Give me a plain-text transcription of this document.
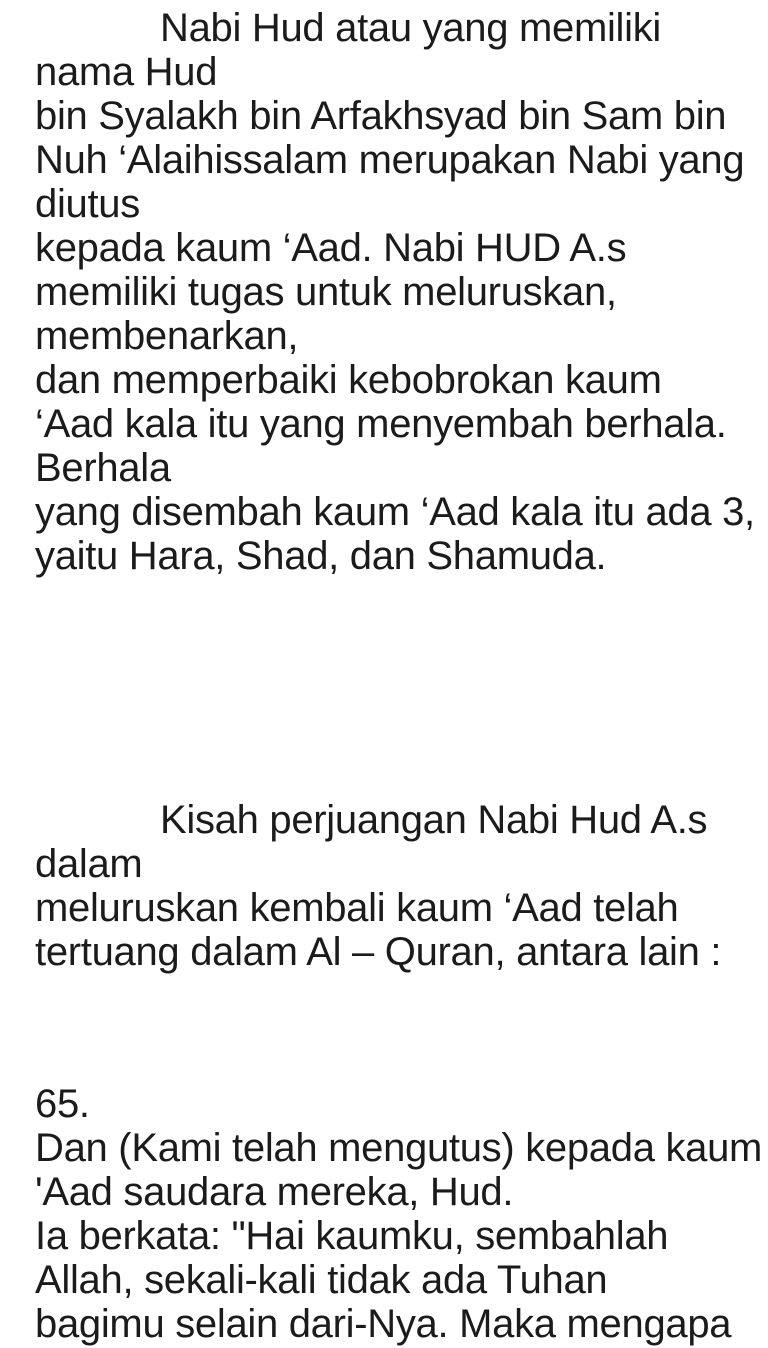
Nabi Hud atau yang memiliki
nama Hud
bin Syalakh bin Arfakhsyad bin Sam bin
Nuh ‘Alaihissalam merupakan Nabi yang
diutus
kepada kaum ‘Aad. Nabi HUD A.s
memiliki tugas untuk meluruskan,
membenarkan,
dan memperbaiki kebobrokan kaum
‘Aad kala itu yang menyembah berhala.
Berhala
yang disembah kaum ‘Aad kala itu ada 3,
yaitu Hara, Shad, dan Shamuda.
Kisah perjuangan Nabi Hud A.s
dalam
meluruskan kembali kaum ‘Aad telah
tertuang dalam Al – Quran, antara lain :
65.
Dan (Kami telah mengutus) kepada kaum
'Aad saudara mereka, Hud.
Ia berkata: "Hai kaumku, sembahlah
Allah, sekali-kali tidak ada Tuhan
bagimu selain dari-Nya. Maka mengapa
